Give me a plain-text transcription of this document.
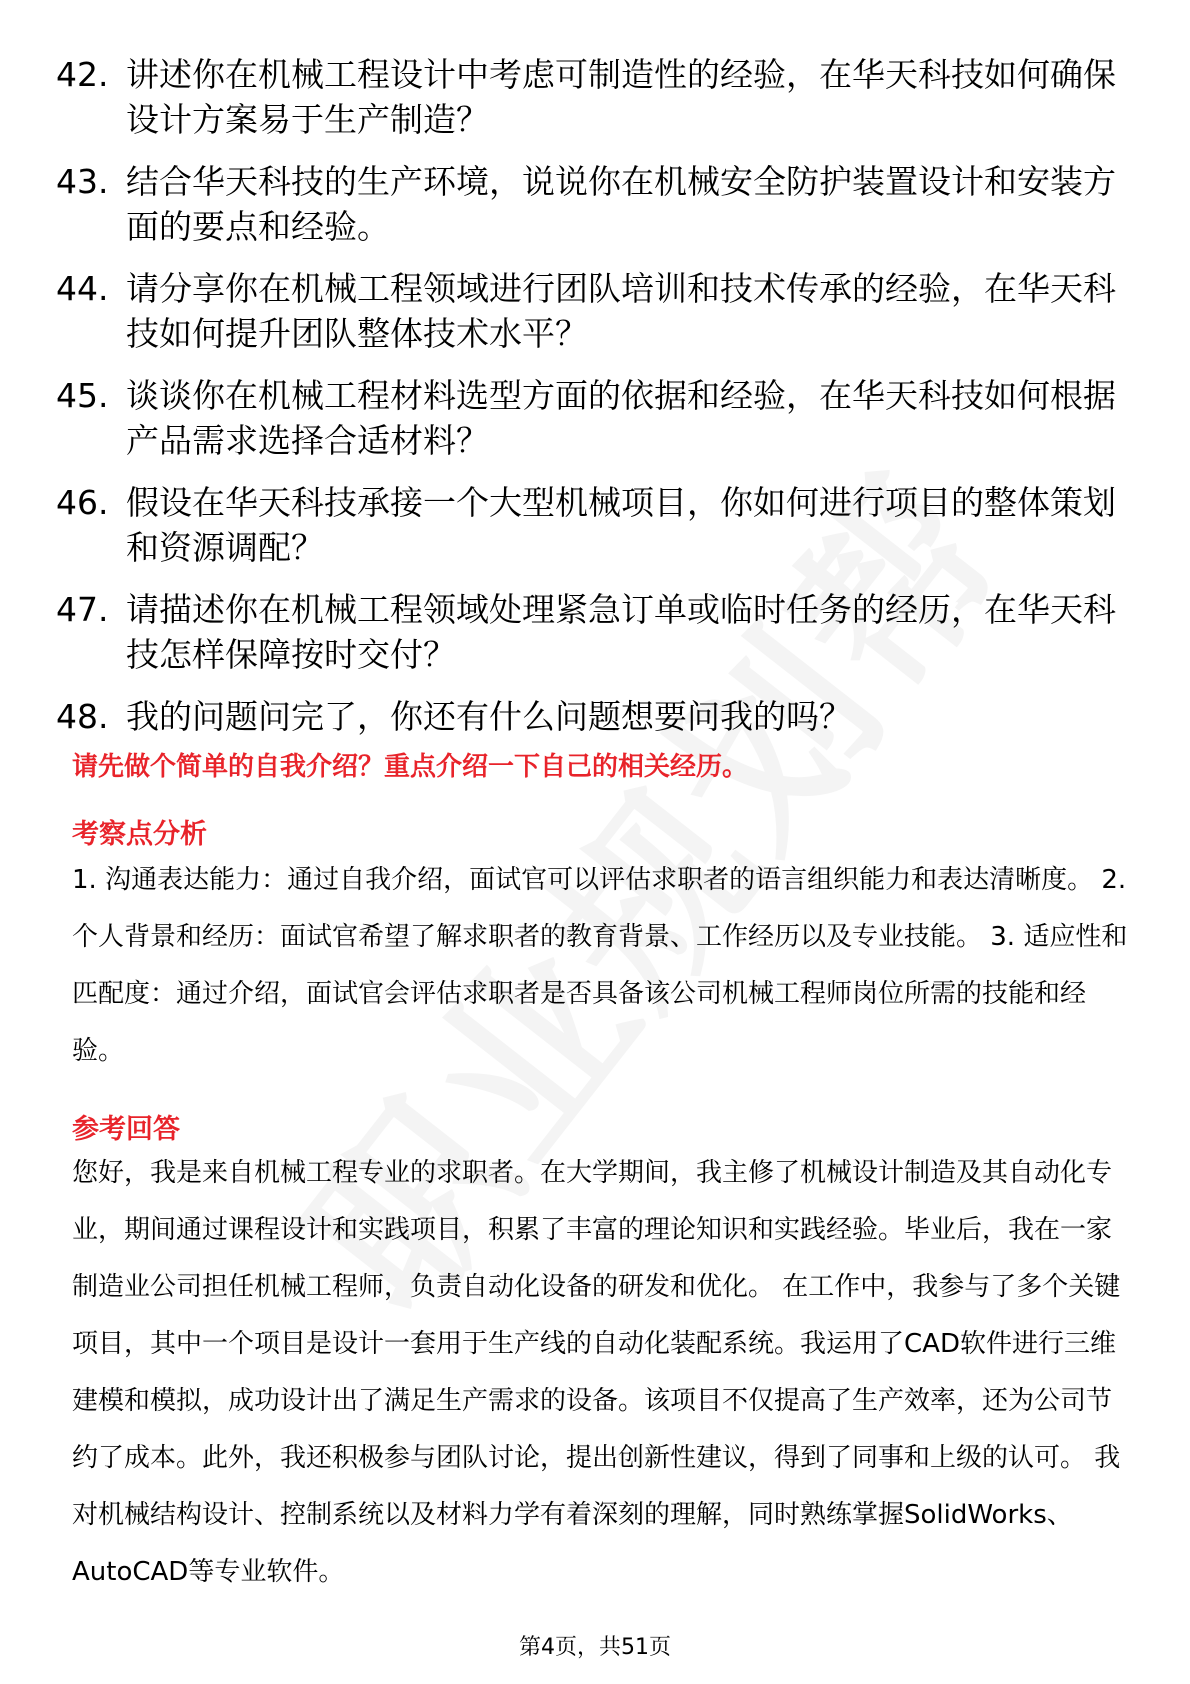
42. 讲述你在机械工程设计中考虑可制造性的经验，在华天科技如何确保设计方案易于生产制造？
43. 结合华天科技的生产环境，说说你在机械安全防护装置设计和安装方面的要点和经验。
44. 请分享你在机械工程领域进行团队培训和技术传承的经验，在华天科技如何提升团队整体技术水平？
45. 谈谈你在机械工程材料选型方面的依据和经验，在华天科技如何根据产品需求选择合适材料？
46. 假设在华天科技承接一个大型机械项目，你如何进行项目的整体策划和资源调配？
47. 请描述你在机械工程领域处理紧急订单或临时任务的经历，在华天科技怎样保障按时交付？
48. 我的问题问完了，你还有什么问题想要问我的吗？
请先做个简单的自我介绍？重点介绍一下自己的相关经历。
考察点分析
1. 沟通表达能力：通过自我介绍，面试官可以评估求职者的语言组织能力和表达清晰度。 2. 个人背景和经历：面试官希望了解求职者的教育背景、工作经历以及专业技能。 3. 适应性和匹配度：通过介绍，面试官会评估求职者是否具备该公司机械工程师岗位所需的技能和经验。
参考回答
您好，我是来自机械工程专业的求职者。在大学期间，我主修了机械设计制造及其自动化专业，期间通过课程设计和实践项目，积累了丰富的理论知识和实践经验。毕业后，我在一家制造业公司担任机械工程师，负责自动化设备的研发和优化。 在工作中，我参与了多个关键项目，其中一个项目是设计一套用于生产线的自动化装配系统。我运用了CAD软件进行三维建模和模拟，成功设计出了满足生产需求的设备。该项目不仅提高了生产效率，还为公司节约了成本。此外，我还积极参与团队讨论，提出创新性建议，得到了同事和上级的认可。 我对机械结构设计、控制系统以及材料力学有着深刻的理解，同时熟练掌握SolidWorks、AutoCAD等专业软件。
第4页，共51页
